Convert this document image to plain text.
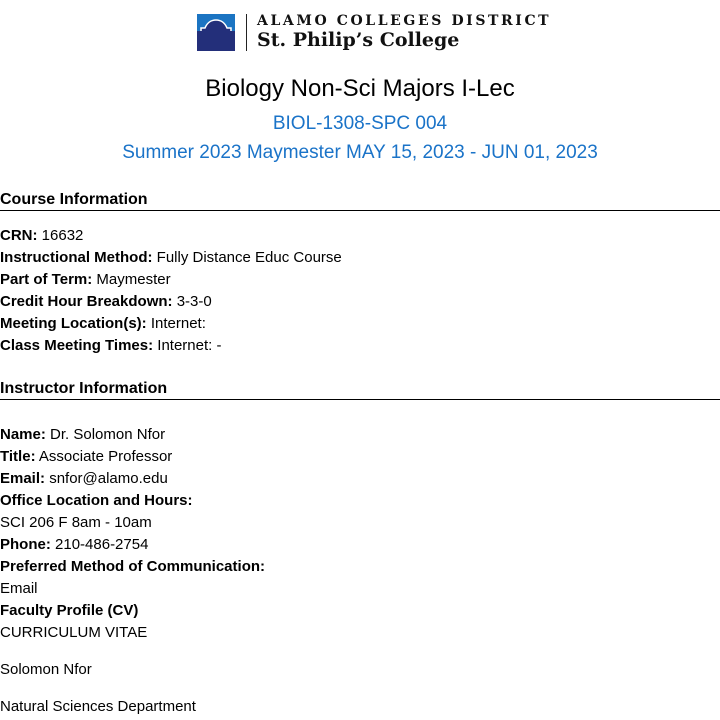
ALAMO COLLEGES DISTRICT
St. Philip’s College
Biology Non-Sci Majors I-Lec
BIOL-1308-SPC 004
Summer 2023 Maymester MAY 15, 2023 - JUN 01, 2023
Course Information
CRN: 16632
Instructional Method: Fully Distance Educ Course
Part of Term: Maymester
Credit Hour Breakdown: 3-3-0
Meeting Location(s): Internet:
Class Meeting Times: Internet: -
Instructor Information
Name: Dr. Solomon Nfor
Title: Associate Professor
Email: snfor@alamo.edu
Office Location and Hours:
SCI 206 F 8am - 10am
Phone: 210-486-2754
Preferred Method of Communication:
Email
Faculty Profile (CV)
CURRICULUM VITAE
Solomon Nfor
Natural Sciences Department
